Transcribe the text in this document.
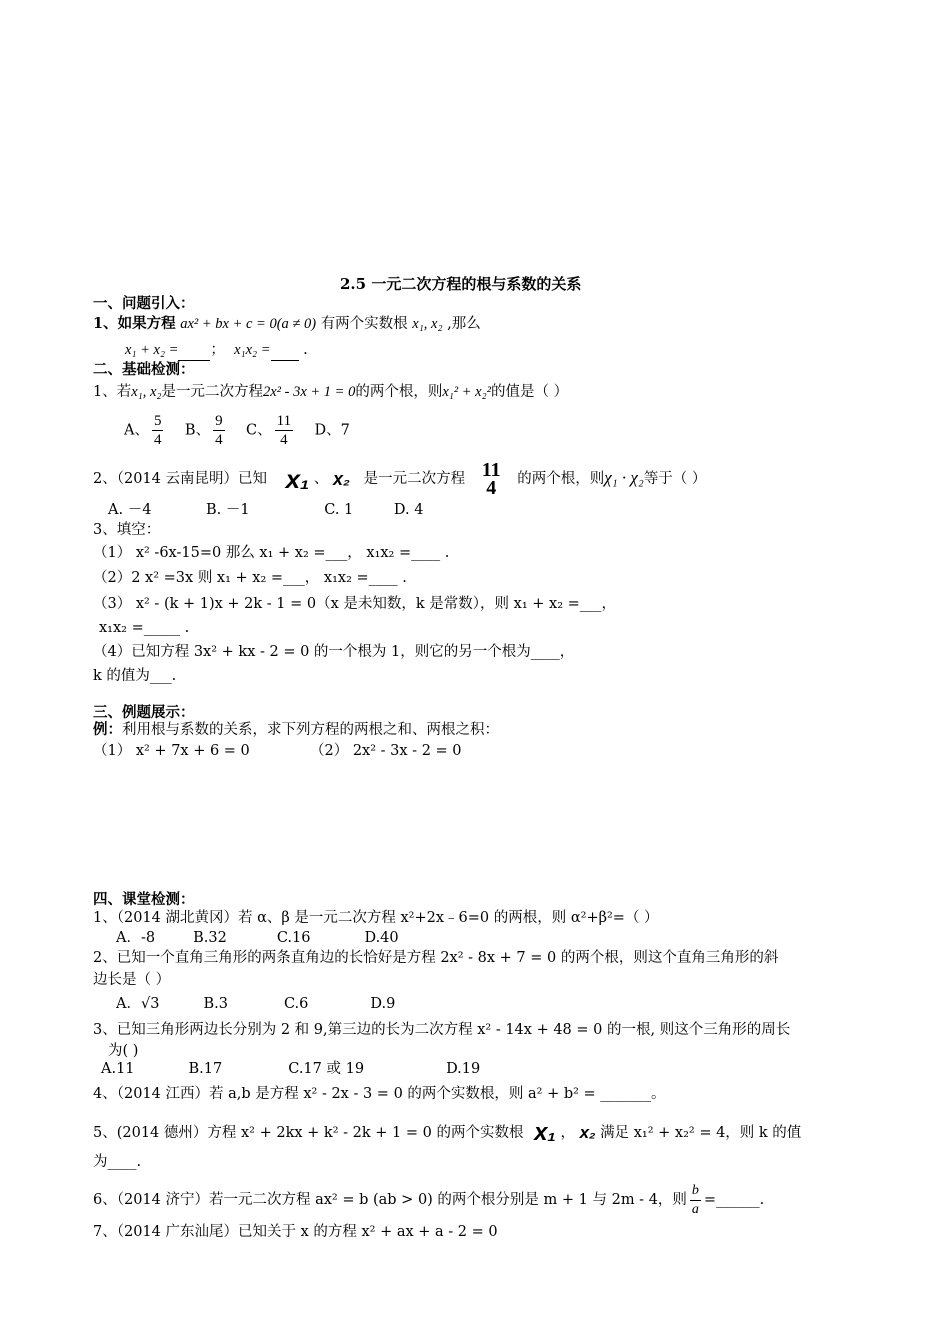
2.5 一元二次方程的根与系数的关系
一、问题引入：
1、如果方程 ax² + bx + c = 0(a ≠ 0) 有两个实数根 x₁, x₂ ,那么
x₁ + x₂ = ； x₁x₂ = .
二、基础检测：
1、若x₁, x₂是一元二次方程2x² - 3x + 1 = 0的两个根，则x₁² + x₂²的值是（ ）
A、 $\frac{5}{4}$ B、 $\frac{9}{4}$ C、 $\frac{11}{4}$ D、7
2、（2014 云南昆明）已知 x₁ 、 x₂ 是一元二次方程 11
4	的两个根，则χ₁ · χ₂等于（ ）
A. －4	B. －1	C. 1	D. 4
3、填空：
（1） x² -6x-15=0 那么 x₁ + x₂ =___， x₁x₂ =____ .
（2）2 x² =3x 则 x₁ + x₂ =___， x₁x₂ =____ .
（3） x² - (k + 1)x + 2k - 1 = 0（x 是未知数，k 是常数），则 x₁ + x₂ =___，
x₁x₂ =_____ .
（4）已知方程 3x² + kx - 2 = 0 的一个根为 1，则它的另一个根为____，
k 的值为___.
三、例题展示：
例：利用根与系数的关系，求下列方程的两根之和、两根之积：
（1） x² + 7x + 6 = 0	（2） 2x² - 3x - 2 = 0
四、课堂检测：
1、（2014 湖北黄冈）若 α、β 是一元二次方程 x²+2x﹣6=0 的两根，则 α²+β²=（ ）
A．-8	B.32	C.16	D.40
2、已知一个直角三角形的两条直角边的长恰好是方程 2x² - 8x + 7 = 0 的两个根，则这个直角三角形的斜
边长是（ ）
A．√3	B.3	C.6	D.9
3、已知三角形两边长分别为 2 和 9,第三边的长为二次方程 x² - 14x + 48 = 0 的一根, 则这个三角形的周长
为( )
A.11	B.17	C.17 或 19	D.19
4、（2014 江西）若 a,b 是方程 x² - 2x - 3 = 0 的两个实数根，则 a² + b² = _______。
5、(2014 德州）方程 x² + 2kx + k² - 2k + 1 = 0 的两个实数根 x₁ ， x₂ 满足 x₁² + x₂² = 4，则 k 的值
为____.
6、（2014 济宁）若一元二次方程 ax² = b (ab > 0) 的两个根分别是 m + 1 与 2m - 4，则 $\frac{b}{a}$ =______.
7、（2014 广东汕尾）已知关于 x 的方程 x² + ax + a - 2 = 0
